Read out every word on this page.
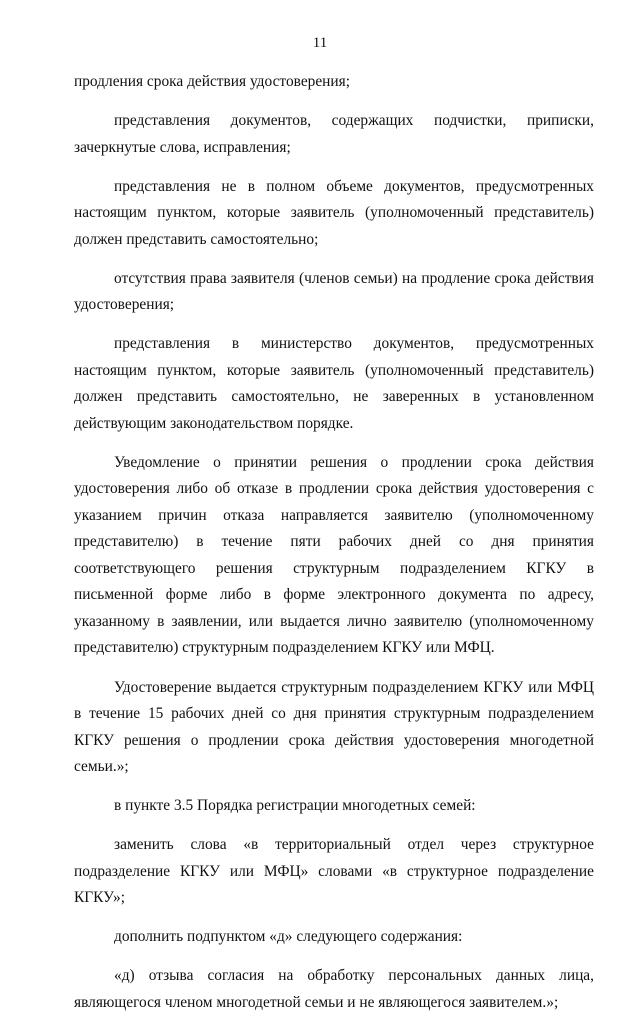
11

продления срока действия удостоверения;

представления документов, содержащих подчистки, приписки, зачеркнутые слова, исправления;

представления не в полном объеме документов, предусмотренных настоящим пунктом, которые заявитель (уполномоченный представитель) должен представить самостоятельно;

отсутствия права заявителя (членов семьи) на продление срока действия удостоверения;

представления в министерство документов, предусмотренных настоящим пунктом, которые заявитель (уполномоченный представитель) должен представить самостоятельно, не заверенных в установленном действующим законодательством порядке.

Уведомление о принятии решения о продлении срока действия удостоверения либо об отказе в продлении срока действия удостоверения с указанием причин отказа направляется заявителю (уполномоченному представителю) в течение пяти рабочих дней со дня принятия соответствующего решения структурным подразделением КГКУ в письменной форме либо в форме электронного документа по адресу, указанному в заявлении, или выдается лично заявителю (уполномоченному представителю) структурным подразделением КГКУ или МФЦ.

Удостоверение выдается структурным подразделением КГКУ или МФЦ в течение 15 рабочих дней со дня принятия структурным подразделением КГКУ решения о продлении срока действия удостоверения многодетной семьи.»;

в пункте 3.5 Порядка регистрации многодетных семей:

заменить слова «в территориальный отдел через структурное подразделение КГКУ или МФЦ» словами «в структурное подразделение КГКУ»;

дополнить подпунктом «д» следующего содержания:

«д) отзыва согласия на обработку персональных данных лица, являющегося членом многодетной семьи и не являющегося заявителем.»;
